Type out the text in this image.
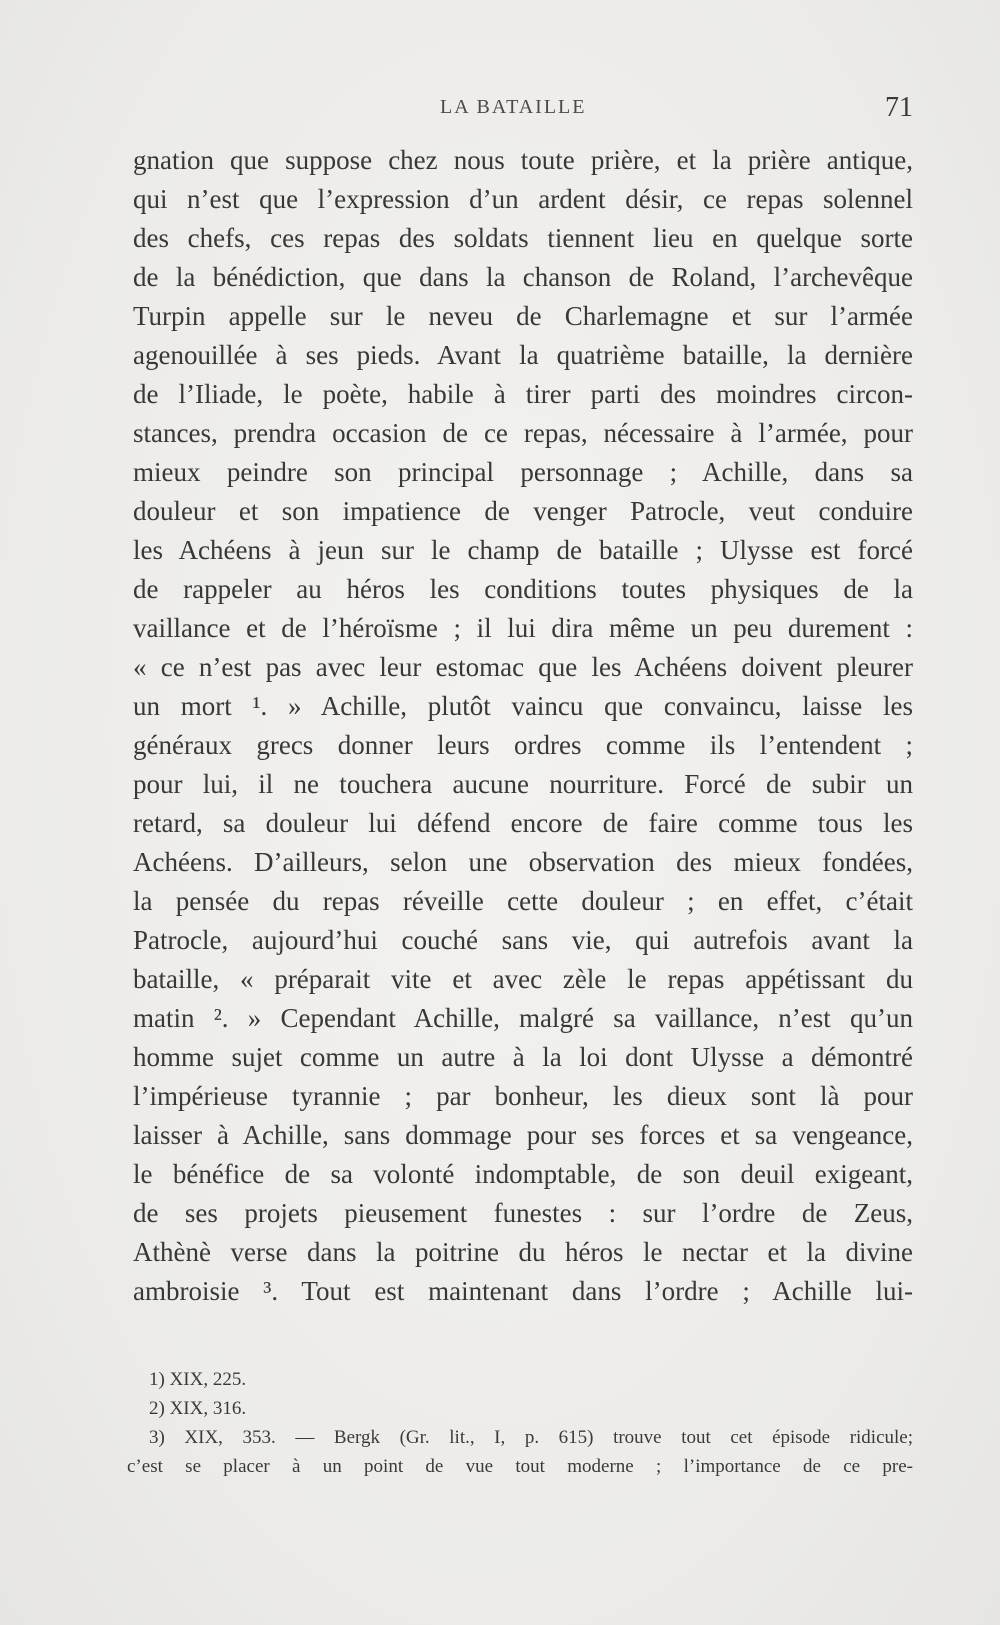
LA BATAILLE	71
gnation que suppose chez nous toute prière, et la prière antique,
qui n’est que l’expression d’un ardent désir, ce repas solennel
des chefs, ces repas des soldats tiennent lieu en quelque sorte
de la bénédiction, que dans la chanson de Roland, l’archevêque
Turpin appelle sur le neveu de Charlemagne et sur l’armée
agenouillée à ses pieds. Avant la quatrième bataille, la dernière
de l’Iliade, le poète, habile à tirer parti des moindres circon-
stances, prendra occasion de ce repas, nécessaire à l’armée, pour
mieux peindre son principal personnage ; Achille, dans sa
douleur et son impatience de venger Patrocle, veut conduire
les Achéens à jeun sur le champ de bataille ; Ulysse est forcé
de rappeler au héros les conditions toutes physiques de la
vaillance et de l’héroïsme ; il lui dira même un peu durement :
« ce n’est pas avec leur estomac que les Achéens doivent pleurer
un mort ¹. » Achille, plutôt vaincu que convaincu, laisse les
généraux grecs donner leurs ordres comme ils l’entendent ;
pour lui, il ne touchera aucune nourriture. Forcé de subir un
retard, sa douleur lui défend encore de faire comme tous les
Achéens. D’ailleurs, selon une observation des mieux fondées,
la pensée du repas réveille cette douleur ; en effet, c’était
Patrocle, aujourd’hui couché sans vie, qui autrefois avant la
bataille, « préparait vite et avec zèle le repas appétissant du
matin ². » Cependant Achille, malgré sa vaillance, n’est qu’un
homme sujet comme un autre à la loi dont Ulysse a démontré
l’impérieuse tyrannie ; par bonheur, les dieux sont là pour
laisser à Achille, sans dommage pour ses forces et sa vengeance,
le bénéfice de sa volonté indomptable, de son deuil exigeant,
de ses projets pieusement funestes : sur l’ordre de Zeus,
Athènè verse dans la poitrine du héros le nectar et la divine
ambroisie ³. Tout est maintenant dans l’ordre ; Achille lui-
1) XIX, 225.
2) XIX, 316.
3) XIX, 353. — Bergk (Gr. lit., I, p. 615) trouve tout cet épisode ridicule;
c’est se placer à un point de vue tout moderne ; l’importance de ce pre-
